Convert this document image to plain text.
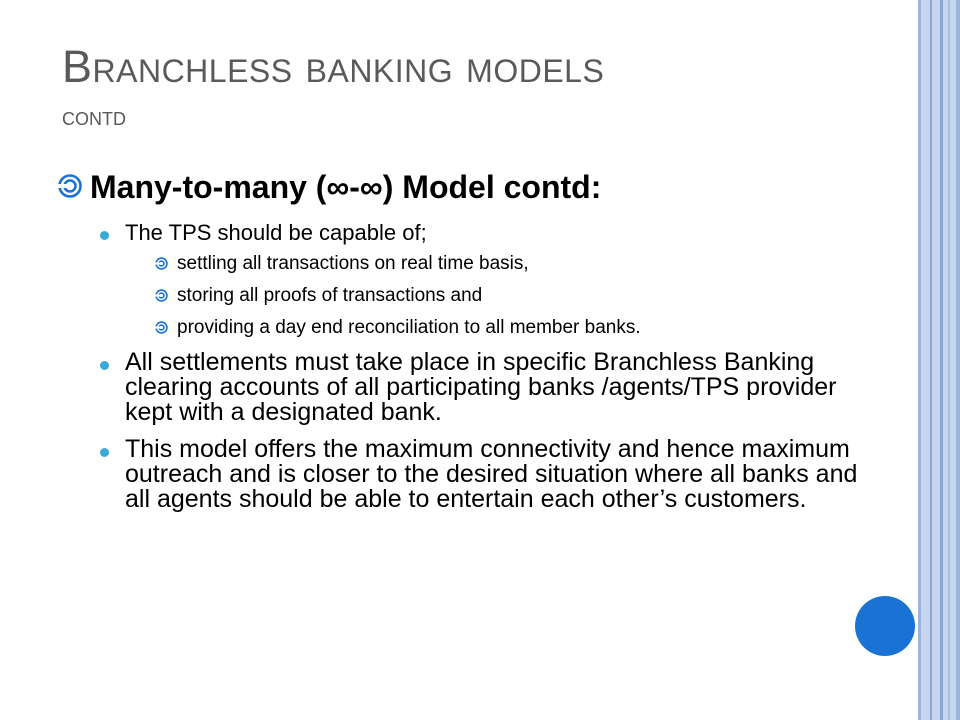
Branchless banking models
contd
Many-to-many (∞-∞) Model contd:
The TPS should be capable of;
settling all transactions on real time basis,
storing all proofs of transactions and
providing a day end reconciliation to all member banks.
All settlements must take place in specific Branchless Banking clearing accounts of all participating banks /agents/TPS provider kept with a designated bank.
This model offers the maximum connectivity and hence maximum outreach and is closer to the desired situation where all banks and all agents should be able to entertain each other’s customers.
